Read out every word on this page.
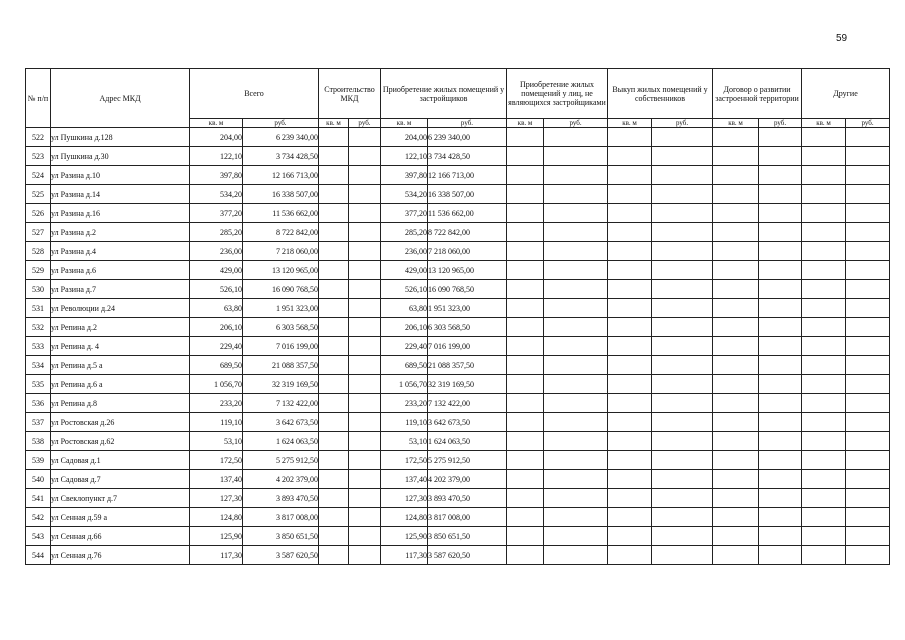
59
№ п/п	Адрес МКД	Всего		Строительство МКД		Приобретение жилых помещений у застройщиков		Приобретение жилых помещений у лиц, не являющихся застройщиками		Выкуп жилых помещений у собственников		Договор о развитии застроенной территории		Другие	
		кв. м	руб.	кв. м	руб.	кв. м	руб.	кв. м	руб.	кв. м	руб.	кв. м	руб.	кв. м	руб.
522	ул Пушкина д.128	204,00	6 239 340,00			204,00	6 239 340,00								
523	ул Пушкина д.30	122,10	3 734 428,50			122,10	3 734 428,50								
524	ул Разина д.10	397,80	12 166 713,00			397,80	12 166 713,00								
525	ул Разина д.14	534,20	16 338 507,00			534,20	16 338 507,00								
526	ул Разина д.16	377,20	11 536 662,00			377,20	11 536 662,00								
527	ул Разина д.2	285,20	8 722 842,00			285,20	8 722 842,00								
528	ул Разина д.4	236,00	7 218 060,00			236,00	7 218 060,00								
529	ул Разина д.6	429,00	13 120 965,00			429,00	13 120 965,00								
530	ул Разина д.7	526,10	16 090 768,50			526,10	16 090 768,50								
531	ул Революции д.24	63,80	1 951 323,00			63,80	1 951 323,00								
532	ул Репина д.2	206,10	6 303 568,50			206,10	6 303 568,50								
533	ул Репина д. 4	229,40	7 016 199,00			229,40	7 016 199,00								
534	ул Репина д.5 а	689,50	21 088 357,50			689,50	21 088 357,50								
535	ул Репина д.6 а	1 056,70	32 319 169,50			1 056,70	32 319 169,50								
536	ул Репина д.8	233,20	7 132 422,00			233,20	7 132 422,00								
537	ул Ростовская д.26	119,10	3 642 673,50			119,10	3 642 673,50								
538	ул Ростовская д.62	53,10	1 624 063,50			53,10	1 624 063,50								
539	ул Садовая д.1	172,50	5 275 912,50			172,50	5 275 912,50								
540	ул Садовая д.7	137,40	4 202 379,00			137,40	4 202 379,00								
541	ул Свеклопункт д.7	127,30	3 893 470,50			127,30	3 893 470,50								
542	ул Сенная д.59 а	124,80	3 817 008,00			124,80	3 817 008,00								
543	ул Сенная д.66	125,90	3 850 651,50			125,90	3 850 651,50								
544	ул Сенная д.76	117,30	3 587 620,50			117,30	3 587 620,50								
